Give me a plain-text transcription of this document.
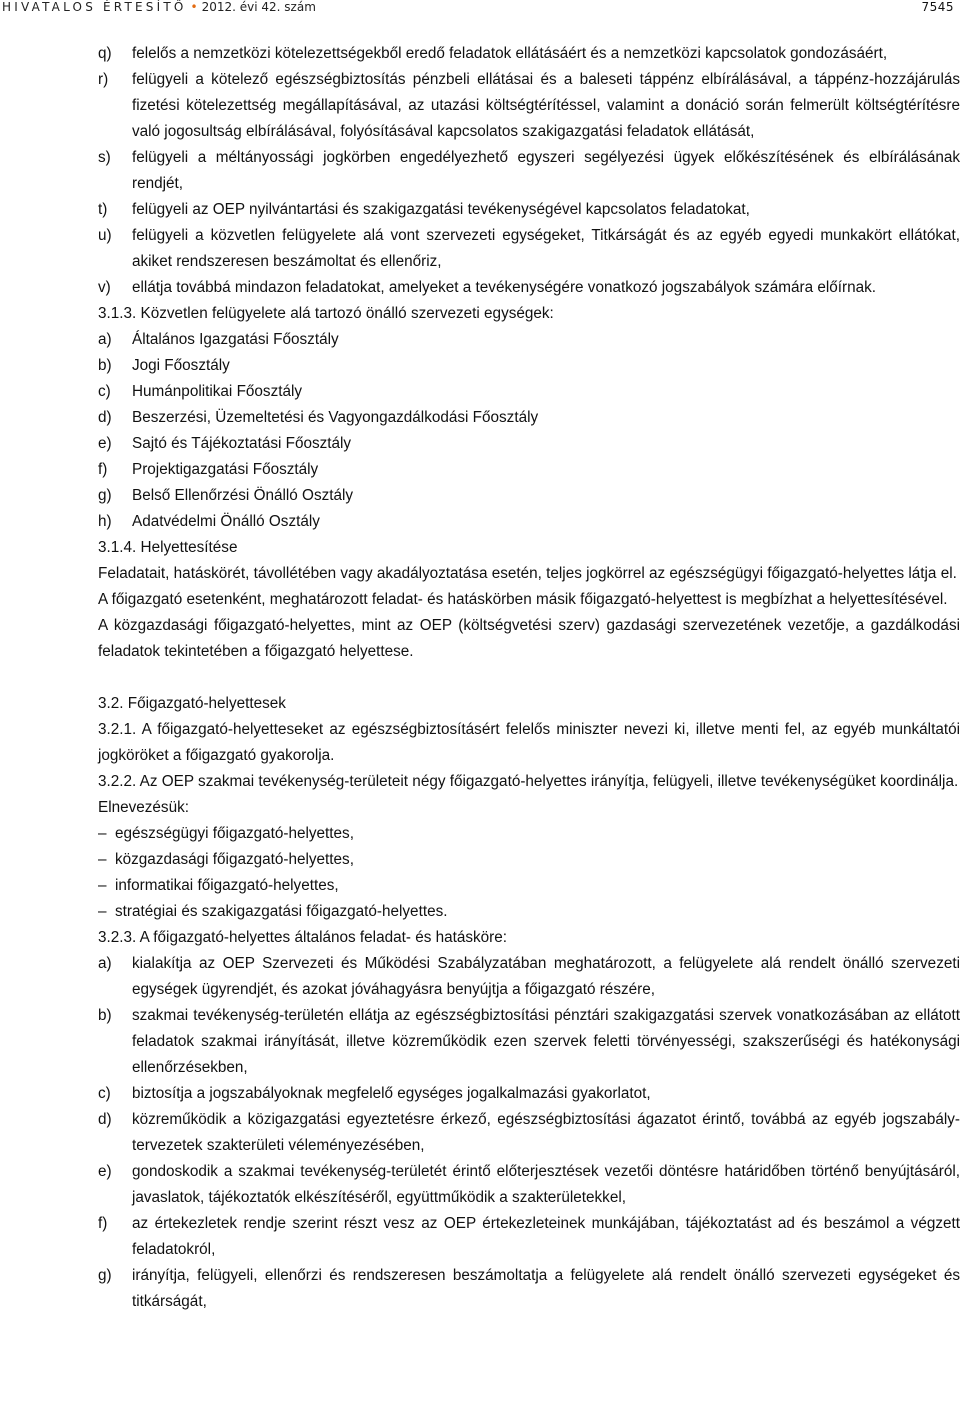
HIVATALOS ÉRTESÍTŐ • 2012. évi 42. szám	7545

q) felelős a nemzetközi kötelezettségekből eredő feladatok ellátásáért és a nemzetközi kapcsolatok gondozásáért,

r) felügyeli a kötelező egészségbiztosítás pénzbeli ellátásai és a baleseti táppénz elbírálásával, a táppénz-hozzájárulás fizetési kötelezettség megállapításával, az utazási költségtérítéssel, valamint a donáció során felmerült költségtérítésre való jogosultság elbírálásával, folyósításával kapcsolatos szakigazgatási feladatok ellátását,

s) felügyeli a méltányossági jogkörben engedélyezhető egyszeri segélyezési ügyek előkészítésének és elbírálásának rendjét,

t) felügyeli az OEP nyilvántartási és szakigazgatási tevékenységével kapcsolatos feladatokat,

u) felügyeli a közvetlen felügyelete alá vont szervezeti egységeket, Titkárságát és az egyéb egyedi munkakört ellátókat, akiket rendszeresen beszámoltat és ellenőriz,

v) ellátja továbbá mindazon feladatokat, amelyeket a tevékenységére vonatkozó jogszabályok számára előírnak.

3.1.3. Közvetlen felügyelete alá tartozó önálló szervezeti egységek:

a) Általános Igazgatási Főosztály

b) Jogi Főosztály

c) Humánpolitikai Főosztály

d) Beszerzési, Üzemeltetési és Vagyongazdálkodási Főosztály

e) Sajtó és Tájékoztatási Főosztály

f) Projektigazgatási Főosztály

g) Belső Ellenőrzési Önálló Osztály

h) Adatvédelmi Önálló Osztály

3.1.4. Helyettesítése

Feladatait, hatáskörét, távollétében vagy akadályoztatása esetén, teljes jogkörrel az egészségügyi főigazgató-helyettes látja el.

A főigazgató esetenként, meghatározott feladat- és hatáskörben másik főigazgató-helyettest is megbízhat a helyettesítésével.

A közgazdasági főigazgató-helyettes, mint az OEP (költségvetési szerv) gazdasági szervezetének vezetője, a gazdálkodási feladatok tekintetében a főigazgató helyettese.

3.2. Főigazgató-helyettesek

3.2.1. A főigazgató-helyetteseket az egészségbiztosításért felelős miniszter nevezi ki, illetve menti fel, az egyéb munkáltatói jogköröket a főigazgató gyakorolja.

3.2.2. Az OEP szakmai tevékenység-területeit négy főigazgató-helyettes irányítja, felügyeli, illetve tevékenységüket koordinálja.

Elnevezésük:

– egészségügyi főigazgató-helyettes,

– közgazdasági főigazgató-helyettes,

– informatikai főigazgató-helyettes,

– stratégiai és szakigazgatási főigazgató-helyettes.

3.2.3. A főigazgató-helyettes általános feladat- és hatásköre:

a) kialakítja az OEP Szervezeti és Működési Szabályzatában meghatározott, a felügyelete alá rendelt önálló szervezeti egységek ügyrendjét, és azokat jóváhagyásra benyújtja a főigazgató részére,

b) szakmai tevékenység-területén ellátja az egészségbiztosítási pénztári szakigazgatási szervek vonatkozásában az ellátott feladatok szakmai irányítását, illetve közreműködik ezen szervek feletti törvényességi, szakszerűségi és hatékonysági ellenőrzésekben,

c) biztosítja a jogszabályoknak megfelelő egységes jogalkalmazási gyakorlatot,

d) közreműködik a közigazgatási egyeztetésre érkező, egészségbiztosítási ágazatot érintő, továbbá az egyéb jogszabály-tervezetek szakterületi véleményezésében,

e) gondoskodik a szakmai tevékenység-területét érintő előterjesztések vezetői döntésre határidőben történő benyújtásáról, javaslatok, tájékoztatók elkészítéséről, együttműködik a szakterületekkel,

f) az értekezletek rendje szerint részt vesz az OEP értekezleteinek munkájában, tájékoztatást ad és beszámol a végzett feladatokról,

g) irányítja, felügyeli, ellenőrzi és rendszeresen beszámoltatja a felügyelete alá rendelt önálló szervezeti egységeket és titkárságát,
